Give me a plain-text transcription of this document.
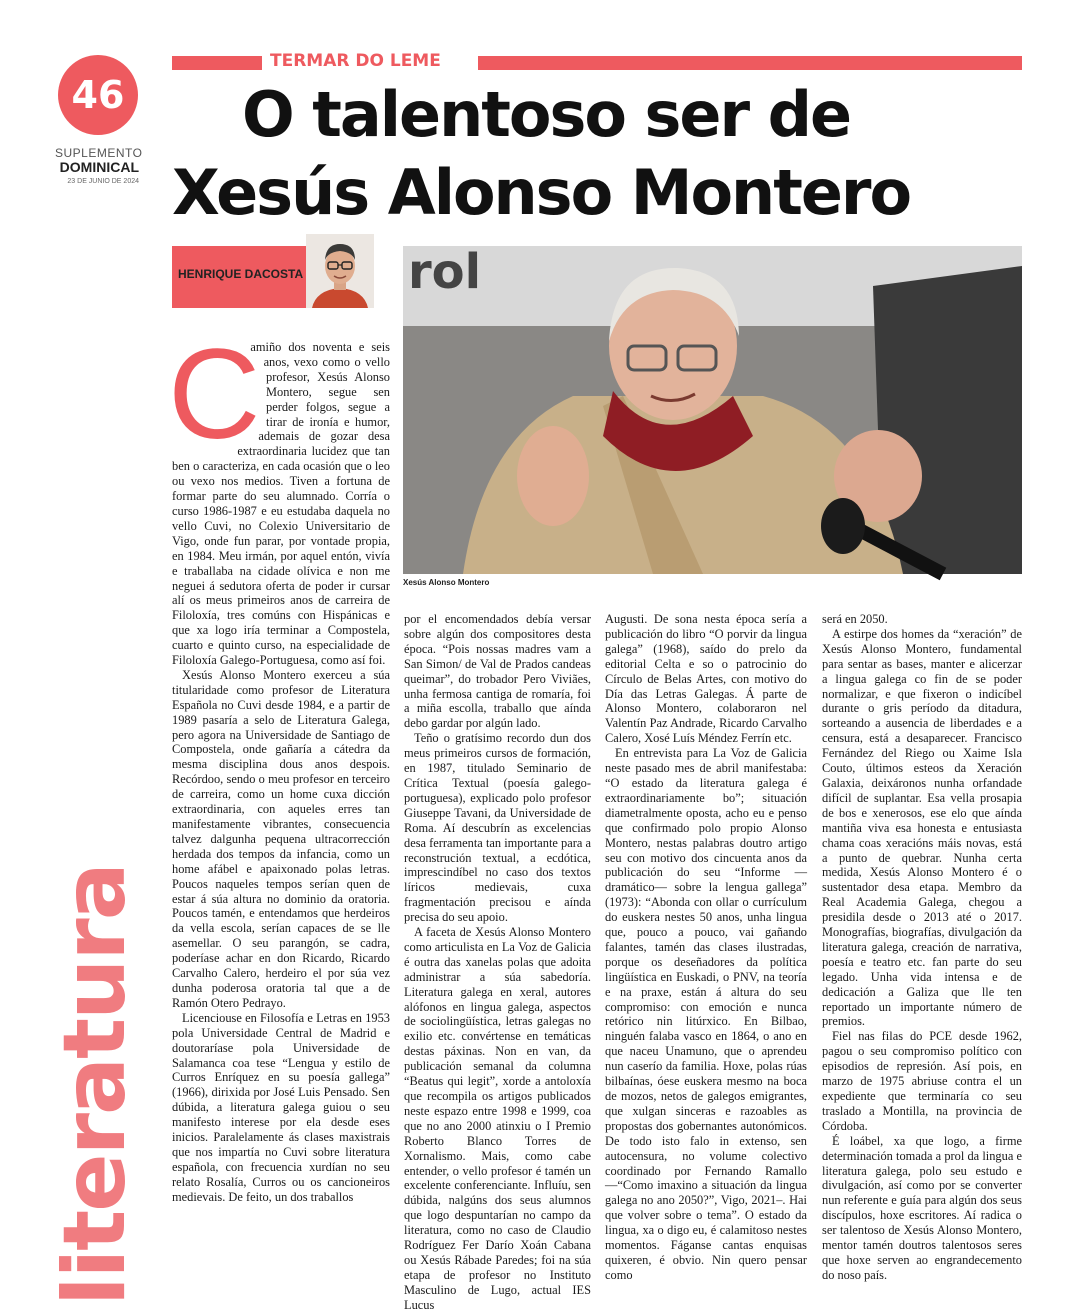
46
SUPLEMENTO
DOMINICAL
23 DE JUNIO DE 2024
literatura
TERMAR DO LEME
O talentoso ser de
Xesús Alonso Montero
HENRIQUE DACOSTA rol
Xesús Alonso Montero
C

amiño dos noventa e seis anos, vexo como o vello profesor, Xesús Alonso Montero, segue sen perder folgos, segue a tirar de ironía e humor, ademais de gozar desa extraordinaria lucidez que tan ben o caracteriza, en cada ocasión que o leo ou vexo nos medios. Tiven a fortuna de formar parte do seu alumnado. Corría o curso 1986-1987 e eu estudaba daquela no vello Cuvi, no Colexio Universitario de Vigo, onde fun parar, por vontade propia, en 1984. Meu irmán, por aquel entón, vivía e traballaba na cidade olívica e non me neguei á sedutora oferta de poder ir cursar alí os meus primeiros anos de carreira de Filoloxía, tres comúns con Hispánicas e que xa logo iría terminar a Compostela, cuarto e quinto curso, na especialidade de Filoloxía Galego-Portuguesa, como así foi.

Xesús Alonso Montero exerceu a súa titularidade como profesor de Literatura Española no Cuvi desde 1984, e a partir de 1989 pasaría a selo de Literatura Galega, pero agora na Universidade de Santiago de Compostela, onde gañaría a cátedra da mesma disciplina dous anos despois. Recórdoo, sendo o meu profesor en terceiro de carreira, como un home cuxa dicción extraordinaria, con aqueles erres tan manifestamente vibrantes, consecuencia talvez dalgunha pequena ultracorrección herdada dos tempos da infancia, como un home afábel e apaixonado polas letras. Poucos naqueles tempos serían quen de estar á súa altura no dominio da oratoria. Poucos tamén, e entendamos que herdeiros da vella escola, serían capaces de se lle asemellar. O seu parangón, se cadra, poderíase achar en don Ricardo, Ricardo Carvalho Calero, herdeiro el por súa vez dunha poderosa oratoria tal que a de Ramón Otero Pedrayo.

Licenciouse en Filosofía e Letras en 1953 pola Universidade Central de Madrid e doutoraríase pola Universidade de Salamanca coa tese “Lengua y estilo de Curros Enríquez en su poesía gallega” (1966), dirixida por José Luis Pensado. Sen dúbida, a literatura galega guiou o seu manifesto interese por ela desde eses inicios. Paralelamente ás clases maxistrais que nos impartía no Cuvi sobre literatura española, con frecuencia xurdían no seu relato Rosalía, Curros ou os cancioneiros medievais. De feito, un dos traballos

por el encomendados debía versar sobre algún dos compositores desta época. “Pois nossas madres vam a San Simon/ de Val de Prados candeas queimar”, do trobador Pero Viviães, unha fermosa cantiga de romaría, foi a miña escolla, traballo que aínda debo gardar por algún lado.

Teño o gratísimo recordo dun dos meus primeiros cursos de formación, en 1987, titulado Seminario de Crítica Textual (poesía galego-portuguesa), explicado polo profesor Giuseppe Tavani, da Universidade de Roma. Aí descubrín as excelencias desa ferramenta tan importante para a reconstrución textual, a ecdótica, imprescindíbel no caso dos textos líricos medievais, cuxa fragmentación precisou e aínda precisa do seu apoio.

A faceta de Xesús Alonso Montero como articulista en La Voz de Galicia é outra das xanelas polas que adoita administrar a súa sabedoría. Literatura galega en xeral, autores alófonos en lingua galega, aspectos de sociolingüística, letras galegas no exilio etc. convértense en temáticas destas páxinas. Non en van, da publicación semanal da columna “Beatus qui legit”, xorde a antoloxía que recompila os artigos publicados neste espazo entre 1998 e 1999, coa que no ano 2000 atinxiu o I Premio Roberto Blanco Torres de Xornalismo. Mais, como cabe entender, o vello profesor é tamén un excelente conferenciante. Influíu, sen dúbida, nalgúns dos seus alumnos que logo despuntarían no campo da literatura, como no caso de Claudio Rodríguez Fer Darío Xoán Cabana ou Xesús Rábade Paredes; foi na súa etapa de profesor no Instituto Masculino de Lugo, actual IES Lucus

Augusti. De sona nesta época sería a publicación do libro “O porvir da lingua galega” (1968), saído do prelo da editorial Celta e so o patrocinio do Círculo de Belas Artes, con motivo do Día das Letras Galegas. Á parte de Alonso Montero, colaboraron nel Valentín Paz Andrade, Ricardo Carvalho Calero, Xosé Luís Méndez Ferrín etc.

En entrevista para La Voz de Galicia neste pasado mes de abril manifestaba: “O estado da literatura galega é extraordinariamente bo”; situación diametralmente oposta, acho eu e penso que confirmado polo propio Alonso Montero, nestas palabras doutro artigo seu con motivo dos cincuenta anos da publicación do seu “Informe —dramático— sobre la lengua gallega” (1973): “Abonda con ollar o currículum do euskera nestes 50 anos, unha lingua que, pouco a pouco, vai gañando falantes, tamén das clases ilustradas, porque os deseñadores da política lingüística en Euskadi, o PNV, na teoría e na praxe, están á altura do seu compromiso: con emoción e nunca retórico nin litúrxico. En Bilbao, ninguén falaba vasco en 1864, o ano en que naceu Unamuno, que o aprendeu nun caserío da familia. Hoxe, polas rúas bilbaínas, óese euskera mesmo na boca de mozos, netos de galegos emigrantes, que xulgan sinceras e razoables as propostas dos gobernantes autonómicos. De todo isto falo in extenso, sen autocensura, no volume colectivo coordinado por Fernando Ramallo —“Como imaxino a situación da lingua galega no ano 2050?”, Vigo, 2021–. Hai que volver sobre o tema”. O estado da lingua, xa o digo eu, é calamitoso nestes momentos. Fáganse cantas enquisas quixeren, é obvio. Nin quero pensar como

será en 2050.

A estirpe dos homes da “xeración” de Xesús Alonso Montero, fundamental para sentar as bases, manter e alicerzar a lingua galega co fin de se poder normalizar, e que fixeron o indicíbel durante o gris período da ditadura, sorteando a ausencia de liberdades e a censura, está a desaparecer. Francisco Fernández del Riego ou Xaime Isla Couto, últimos esteos da Xeración Galaxia, deixáronos nunha orfandade difícil de suplantar. Esa vella prosapia de bos e xenerosos, ese elo que aínda mantiña viva esa honesta e entusiasta chama coas xeracións máis novas, está a punto de quebrar. Nunha certa medida, Xesús Alonso Montero é o sustentador desa etapa. Membro da Real Academia Galega, chegou a presidila desde o 2013 até o 2017. Monografías, biografías, divulgación da literatura galega, creación de narrativa, poesía e teatro etc. fan parte do seu legado. Unha vida intensa e de dedicación a Galiza que lle ten reportado un importante número de premios.

Fiel nas filas do PCE desde 1962, pagou o seu compromiso político con episodios de represión. Así pois, en marzo de 1975 abriuse contra el un expediente que terminaría co seu traslado a Montilla, na provincia de Córdoba.

É loábel, xa que logo, a firme determinación tomada a prol da lingua e literatura galega, polo seu estudo e divulgación, así como por se converter nun referente e guía para algún dos seus discípulos, hoxe escritores. Aí radica o ser talentoso de Xesús Alonso Montero, mentor tamén doutros talentosos seres que hoxe serven ao engrandecemento do noso país.
